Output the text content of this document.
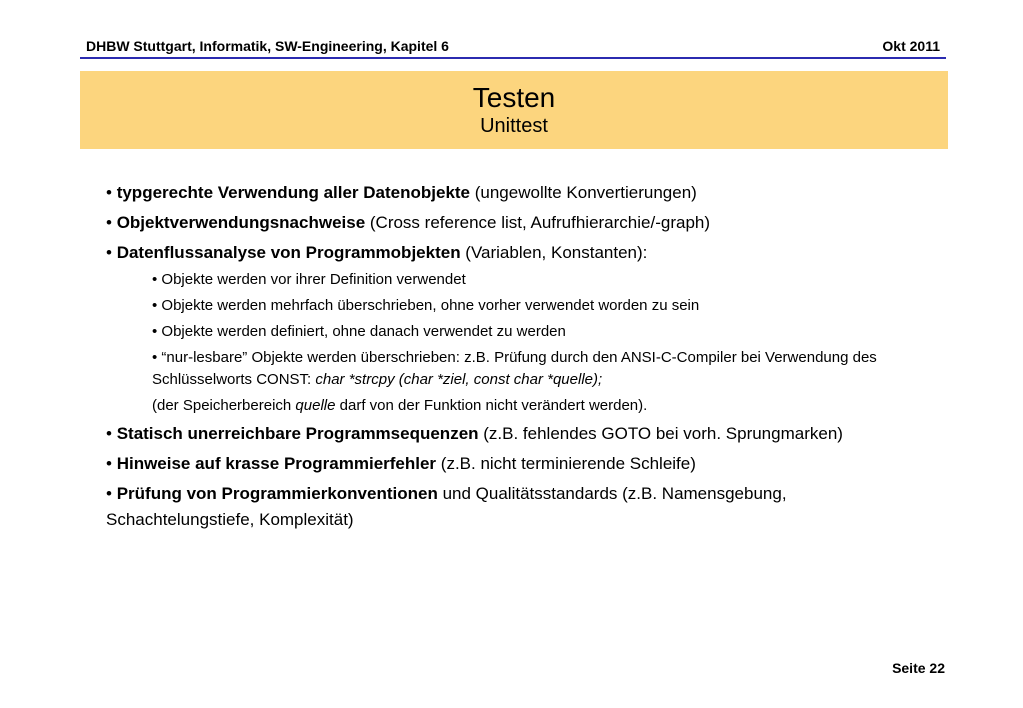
DHBW Stuttgart, Informatik, SW-Engineering, Kapitel 6	Okt 2011
Testen
Unittest
• typgerechte Verwendung aller Datenobjekte (ungewollte Konvertierungen)
• Objektverwendungsnachweise (Cross reference list, Aufrufhierarchie/-graph)
• Datenflussanalyse von Programmobjekten (Variablen, Konstanten):
• Objekte werden vor ihrer Definition verwendet
• Objekte werden mehrfach überschrieben, ohne vorher verwendet worden zu sein
• Objekte werden definiert, ohne danach verwendet zu werden
• “nur-lesbare” Objekte werden überschrieben: z.B. Prüfung durch den ANSI-C-Compiler bei Verwendung des Schlüsselworts CONST: char *strcpy (char *ziel, const char *quelle);
(der Speicherbereich quelle darf von der Funktion nicht verändert werden).
• Statisch unerreichbare Programmsequenzen (z.B. fehlendes GOTO bei vorh. Sprungmarken)
• Hinweise auf krasse Programmierfehler (z.B. nicht terminierende Schleife)
• Prüfung von Programmierkonventionen und Qualitätsstandards (z.B. Namensgebung, Schachtelungstiefe, Komplexität)
Seite 22
